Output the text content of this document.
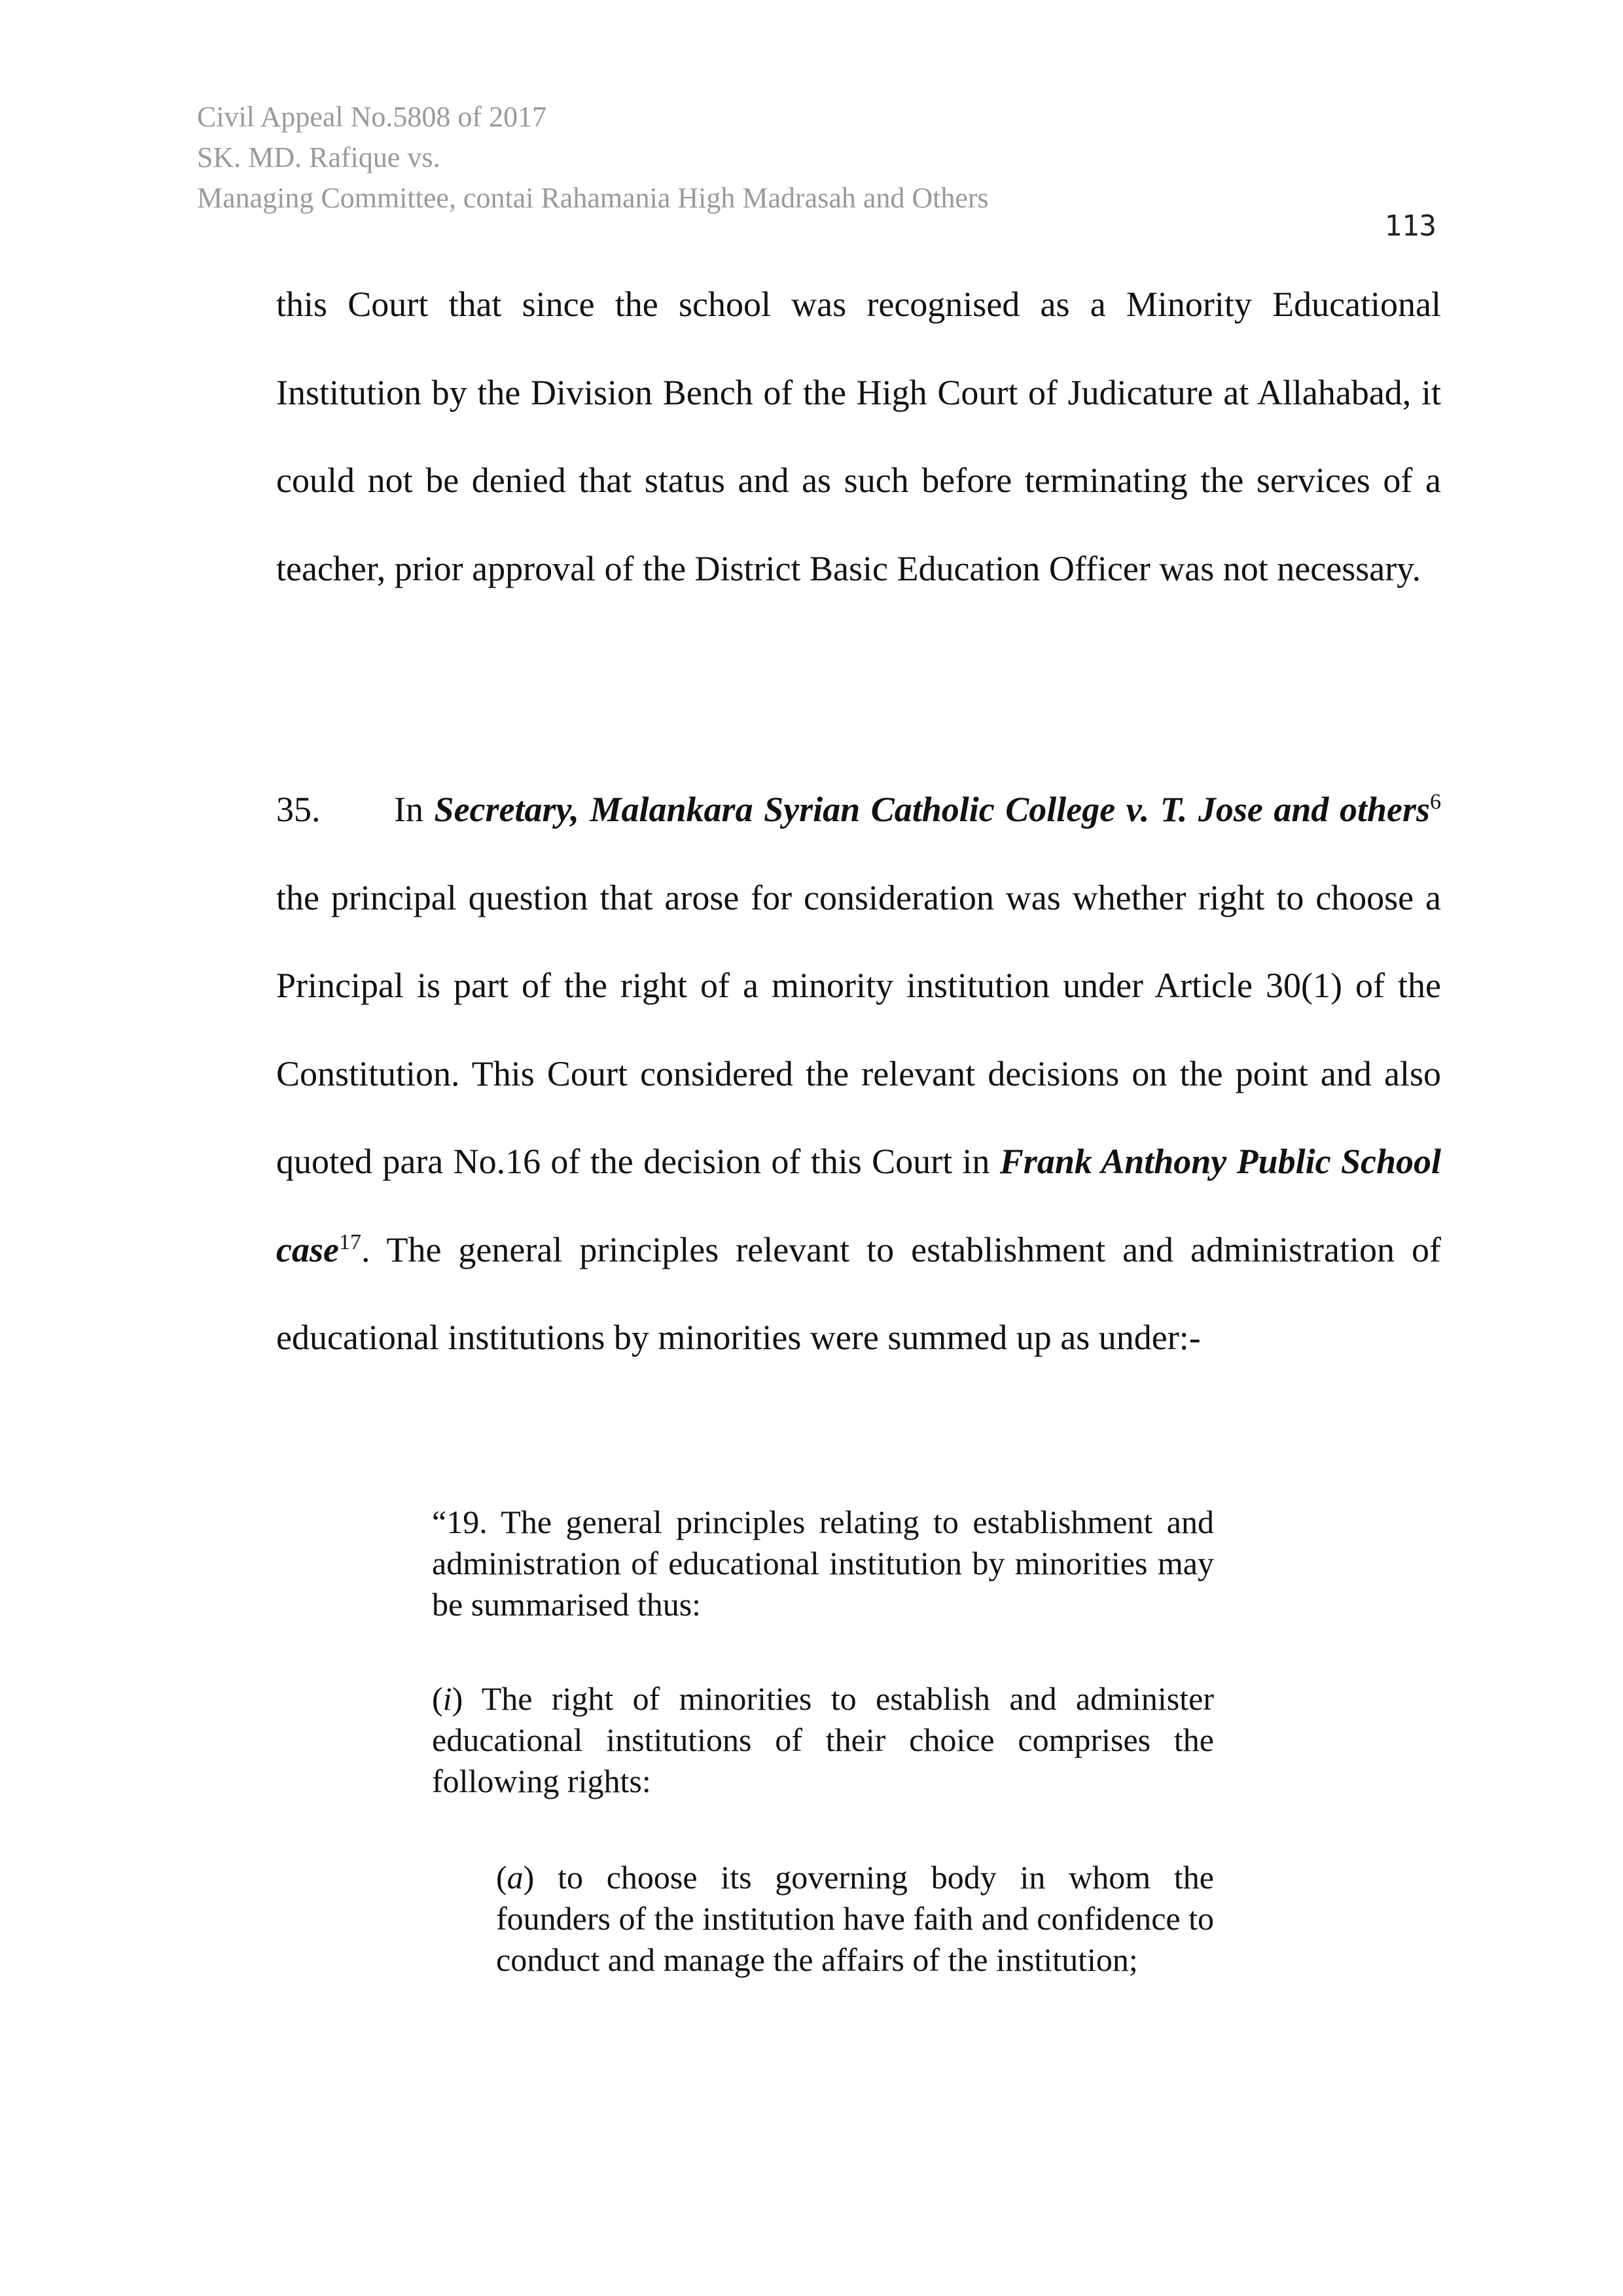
Civil Appeal No.5808 of 2017
SK. MD. Rafique vs.
Managing Committee, contai Rahamania High Madrasah and Others
113
this Court that since the school was recognised as a Minority Educational Institution by the Division Bench of the High Court of Judicature at Allahabad, it could not be denied that status and as such before terminating the services of a teacher, prior approval of the District Basic Education Officer was not necessary.
35. In Secretary, Malankara Syrian Catholic College v. T. Jose and others$^6$ the principal question that arose for consideration was whether right to choose a Principal is part of the right of a minority institution under Article 30(1) of the Constitution. This Court considered the relevant decisions on the point and also quoted para No.16 of the decision of this Court in Frank Anthony Public School case$^{17}$. The general principles relevant to establishment and administration of educational institutions by minorities were summed up as under:-
“19. The general principles relating to establishment and administration of educational institution by minorities may be summarised thus:
(i) The right of minorities to establish and administer educational institutions of their choice comprises the following rights:
(a) to choose its governing body in whom the founders of the institution have faith and confidence to conduct and manage the affairs of the institution;
